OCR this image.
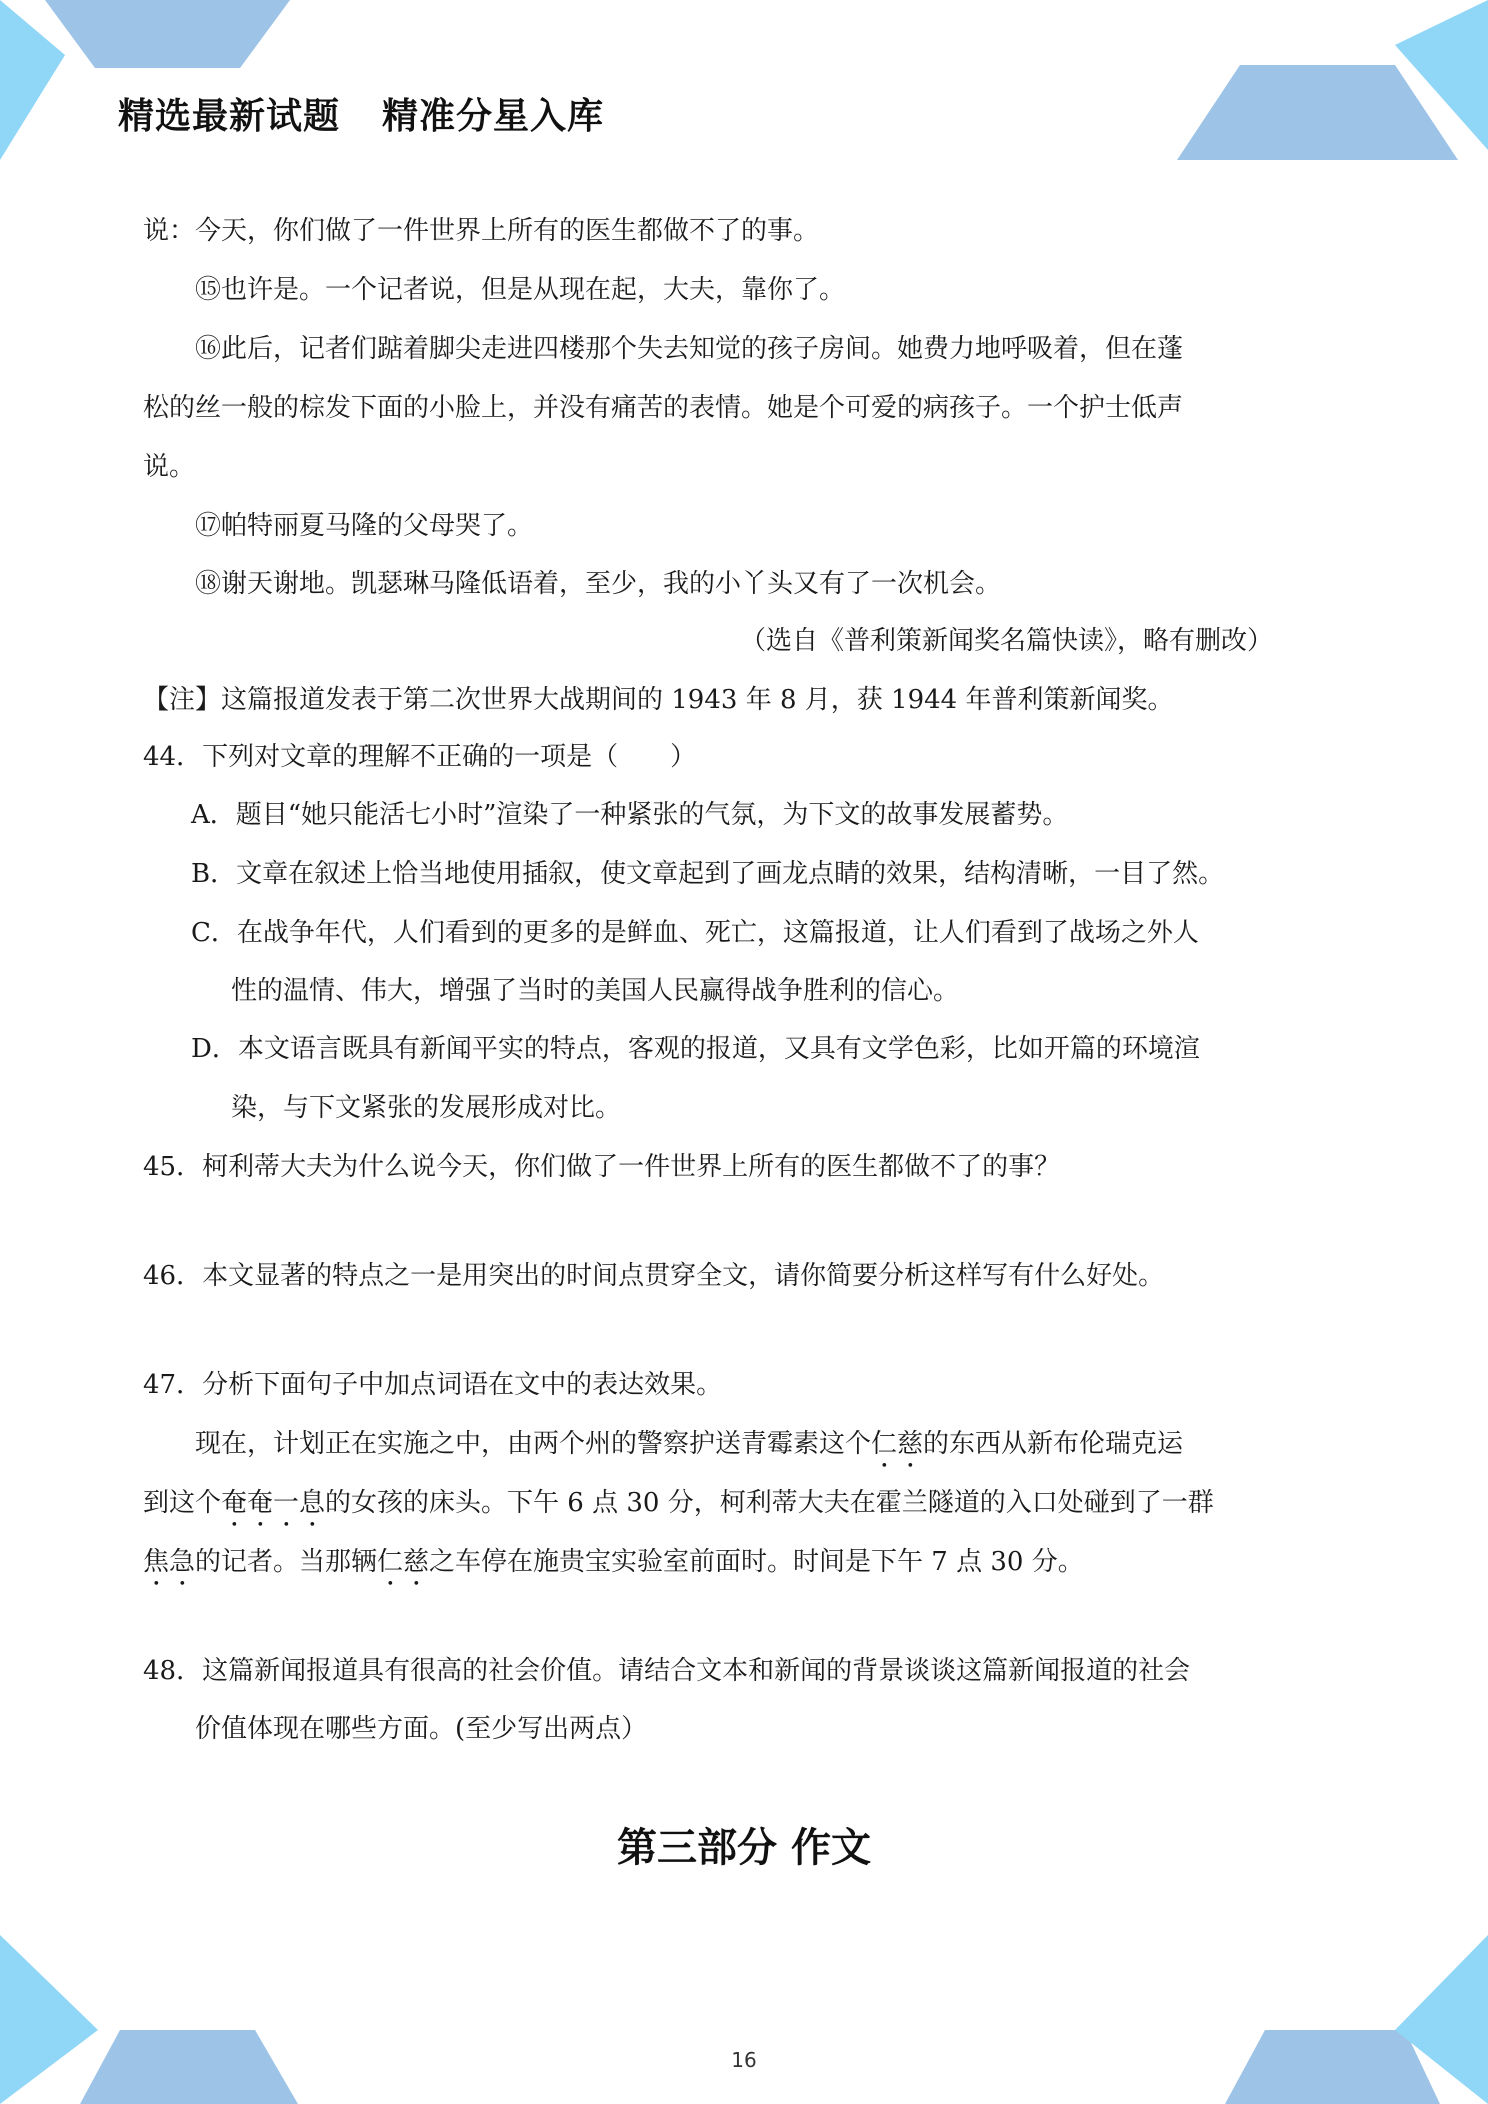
精选最新试题 精准分星入库
说：今天，你们做了一件世界上所有的医生都做不了的事。
⑮也许是。一个记者说，但是从现在起，大夫，靠你了。
⑯此后，记者们踮着脚尖走进四楼那个失去知觉的孩子房间。她费力地呼吸着，但在蓬
松的丝一般的棕发下面的小脸上，并没有痛苦的表情。她是个可爱的病孩子。一个护士低声
说。
⑰帕特丽夏马隆的父母哭了。
⑱谢天谢地。凯瑟琳马隆低语着，至少，我的小丫头又有了一次机会。
（选自《普利策新闻奖名篇快读》，略有删改）
【注】这篇报道发表于第二次世界大战期间的 1943 年 8 月，获 1944 年普利策新闻奖。
44．下列对文章的理解不正确的一项是（　　）
A．题目“她只能活七小时”渲染了一种紧张的气氛，为下文的故事发展蓄势。
B．文章在叙述上恰当地使用插叙，使文章起到了画龙点睛的效果，结构清晰，一目了然。
C．在战争年代，人们看到的更多的是鲜血、死亡，这篇报道，让人们看到了战场之外人
性的温情、伟大，增强了当时的美国人民赢得战争胜利的信心。
D．本文语言既具有新闻平实的特点，客观的报道，又具有文学色彩，比如开篇的环境渲
染，与下文紧张的发展形成对比。
45．柯利蒂大夫为什么说今天，你们做了一件世界上所有的医生都做不了的事？
46．本文显著的特点之一是用突出的时间点贯穿全文，请你简要分析这样写有什么好处。
47．分析下面句子中加点词语在文中的表达效果。
现在，计划正在实施之中，由两个州的警察护送青霉素这个仁慈的东西从新布伦瑞克运
到这个奄奄一息的女孩的床头。下午 6 点 30 分，柯利蒂大夫在霍兰隧道的入口处碰到了一群
焦急的记者。当那辆仁慈之车停在施贵宝实验室前面时。时间是下午 7 点 30 分。
48．这篇新闻报道具有很高的社会价值。请结合文本和新闻的背景谈谈这篇新闻报道的社会
价值体现在哪些方面。(至少写出两点）
第三部分 作文
16
